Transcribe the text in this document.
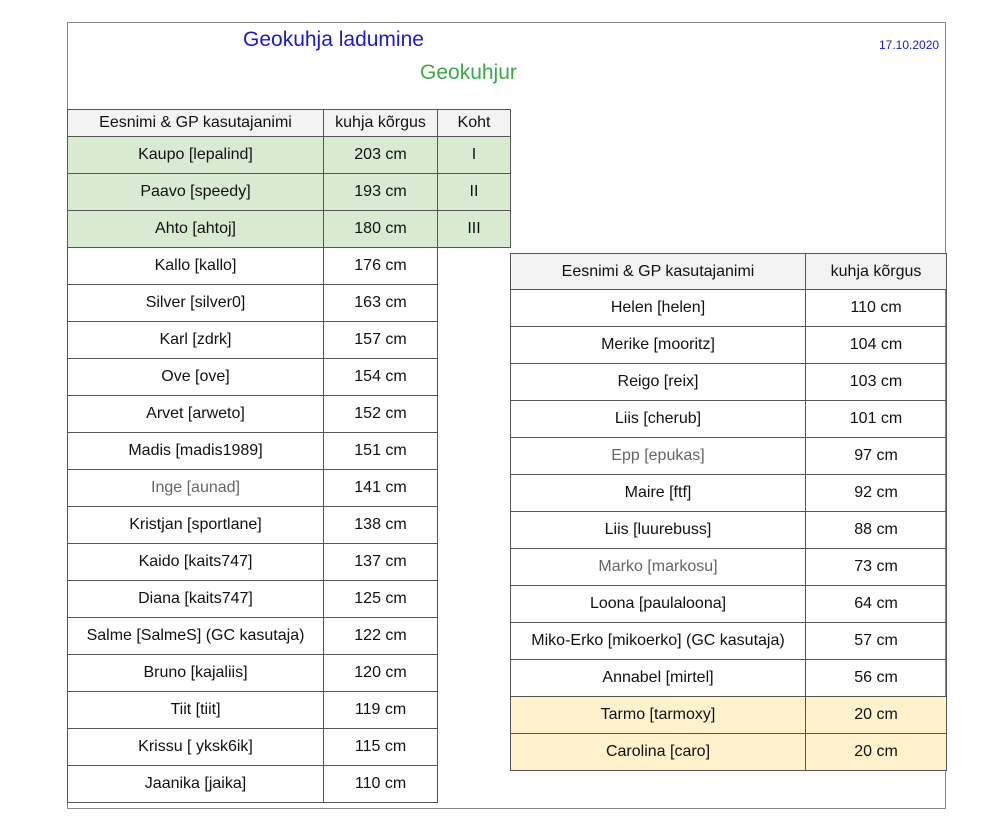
Geokuhja ladumine
Geokuhjur
17.10.2020
Eesnimi & GP kasutajanimi	kuhja kõrgus	Koht
Kaupo [lepalind]	203 cm	I
Paavo [speedy]	193 cm	II
Ahto [ahtoj]	180 cm	III
Kallo [kallo]	176 cm	
Silver [silver0]	163 cm	
Karl [zdrk]	157 cm	
Ove [ove]	154 cm	
Arvet [arweto]	152 cm	
Madis [madis1989]	151 cm	
Inge [aunad]	141 cm	
Kristjan [sportlane]	138 cm	
Kaido [kaits747]	137 cm	
Diana [kaits747]	125 cm	
Salme [SalmeS] (GC kasutaja)	122 cm	
Bruno [kajaliis]	120 cm	
Tiit [tiit]	119 cm	
Krissu [ yksk6ik]	115 cm	
Jaanika [jaika]	110 cm	
Eesnimi & GP kasutajanimi	kuhja kõrgus
Helen [helen]	110 cm
Merike [mooritz]	104 cm
Reigo [reix]	103 cm
Liis [cherub]	101 cm
Epp [epukas]	97 cm
Maire [ftf]	92 cm
Liis [luurebuss]	88 cm
Marko [markosu]	73 cm
Loona [paulaloona]	64 cm
Miko-Erko [mikoerko] (GC kasutaja)	57 cm
Annabel [mirtel]	56 cm
Tarmo [tarmoxy]	20 cm
Carolina [caro]	20 cm
